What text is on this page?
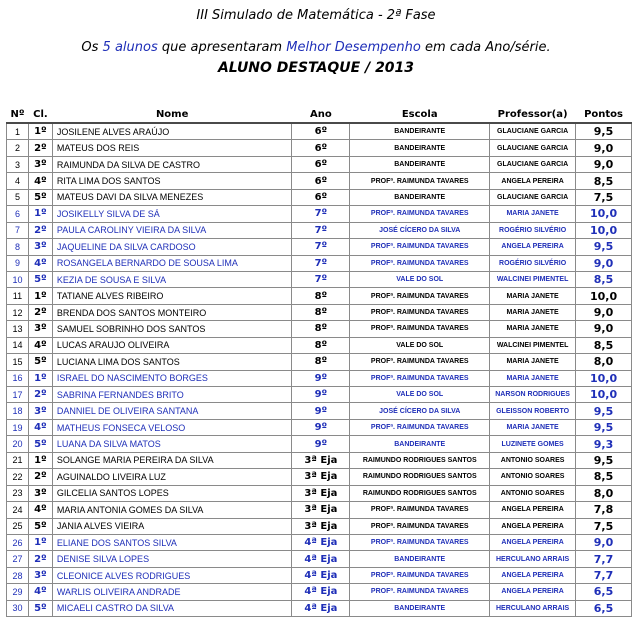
III Simulado de Matemática - 2ª Fase
Os 5 alunos que apresentaram Melhor Desempenho em cada Ano/série.
ALUNO DESTAQUE / 2013
Nº	Cl.	Nome	Ano	Escola	Professor(a)	Pontos
1	1º	JOSILENE ALVES ARAÚJO	6º	BANDEIRANTE	GLAUCIANE GARCIA	9,5
2	2º	MATEUS DOS REIS	6º	BANDEIRANTE	GLAUCIANE GARCIA	9,0
3	3º	RAIMUNDA DA SILVA DE CASTRO	6º	BANDEIRANTE	GLAUCIANE GARCIA	9,0
4	4º	RITA LIMA DOS SANTOS	6º	PROFª. RAIMUNDA TAVARES	ANGELA PEREIRA	8,5
5	5º	MATEUS DAVI DA SILVA MENEZES	6º	BANDEIRANTE	GLAUCIANE GARCIA	7,5
6	1º	JOSIKELLY SILVA DE SÁ	7º	PROFª. RAIMUNDA TAVARES	MARIA JANETE	10,0
7	2º	PAULA CAROLINY VIEIRA DA SILVA	7º	JOSÉ CÍCERO DA SILVA	ROGÉRIO SILVÉRIO	10,0
8	3º	JAQUELINE DA SILVA CARDOSO	7º	PROFª. RAIMUNDA TAVARES	ANGELA PEREIRA	9,5
9	4º	ROSANGELA BERNARDO DE SOUSA LIMA	7º	PROFª. RAIMUNDA TAVARES	ROGÉRIO SILVÉRIO	9,0
10	5º	KEZIA DE SOUSA E SILVA	7º	VALE DO SOL	WALCINEI PIMENTEL	8,5
11	1º	TATIANE ALVES RIBEIRO	8º	PROFª. RAIMUNDA TAVARES	MARIA JANETE	10,0
12	2º	BRENDA DOS SANTOS MONTEIRO	8º	PROFª. RAIMUNDA TAVARES	MARIA JANETE	9,0
13	3º	SAMUEL SOBRINHO DOS SANTOS	8º	PROFª. RAIMUNDA TAVARES	MARIA JANETE	9,0
14	4º	LUCAS ARAUJO OLIVEIRA	8º	VALE DO SOL	WALCINEI PIMENTEL	8,5
15	5º	LUCIANA LIMA DOS SANTOS	8º	PROFª. RAIMUNDA TAVARES	MARIA JANETE	8,0
16	1º	ISRAEL DO NASCIMENTO BORGES	9º	PROFª. RAIMUNDA TAVARES	MARIA JANETE	10,0
17	2º	SABRINA FERNANDES BRITO	9º	VALE DO SOL	NARSON RODRIGUES	10,0
18	3º	DANNIEL DE OLIVEIRA SANTANA	9º	JOSÉ CÍCERO DA SILVA	GLEISSON ROBERTO	9,5
19	4º	MATHEUS FONSECA VELOSO	9º	PROFª. RAIMUNDA TAVARES	MARIA JANETE	9,5
20	5º	LUANA DA SILVA MATOS	9º	BANDEIRANTE	LUZINETE GOMES	9,3
21	1º	SOLANGE MARIA PEREIRA DA SILVA	3ª Eja	RAIMUNDO RODRIGUES SANTOS	ANTONIO SOARES	9,5
22	2º	AGUINALDO LIVEIRA LUZ	3ª Eja	RAIMUNDO RODRIGUES SANTOS	ANTONIO SOARES	8,5
23	3º	GILCELIA SANTOS LOPES	3ª Eja	RAIMUNDO RODRIGUES SANTOS	ANTONIO SOARES	8,0
24	4º	MARIA ANTONIA GOMES DA SILVA	3ª Eja	PROFª. RAIMUNDA TAVARES	ANGELA PEREIRA	7,8
25	5º	JANIA ALVES VIEIRA	3ª Eja	PROFª. RAIMUNDA TAVARES	ANGELA PEREIRA	7,5
26	1º	ELIANE DOS SANTOS SILVA	4ª Eja	PROFª. RAIMUNDA TAVARES	ANGELA PEREIRA	9,0
27	2º	DENISE SILVA LOPES	4ª Eja	BANDEIRANTE	HERCULANO ARRAIS	7,7
28	3º	CLEONICE ALVES RODRIGUES	4ª Eja	PROFª. RAIMUNDA TAVARES	ANGELA PEREIRA	7,7
29	4º	WARLIS OLIVEIRA ANDRADE	4ª Eja	PROFª. RAIMUNDA TAVARES	ANGELA PEREIRA	6,5
30	5º	MICAELI CASTRO DA SILVA	4ª Eja	BANDEIRANTE	HERCULANO ARRAIS	6,5
